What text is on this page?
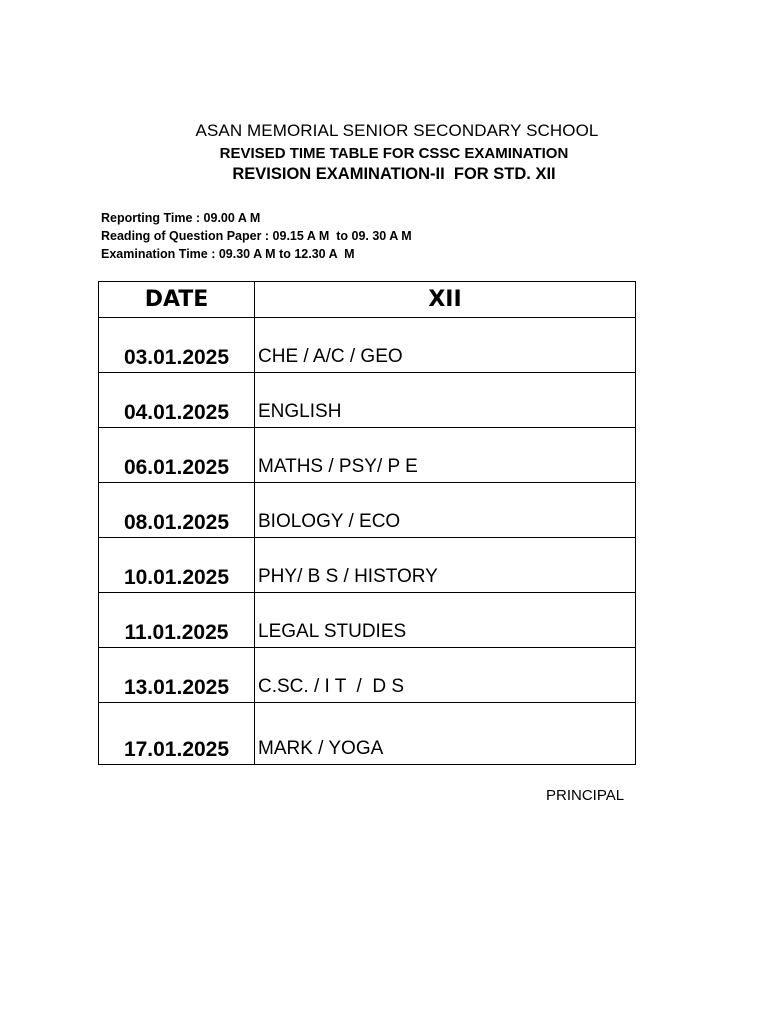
ASAN MEMORIAL SENIOR SECONDARY SCHOOL
REVISED TIME TABLE FOR CSSC EXAMINATION
REVISION EXAMINATION-II  FOR STD. XII
Reporting Time : 09.00 A M
Reading of Question Paper : 09.15 A M  to 09. 30 A M
Examination Time : 09.30 A M to 12.30 A  M
DATE	XII
03.01.2025	CHE / A/C / GEO
04.01.2025	ENGLISH
06.01.2025	MATHS / PSY/ P E
08.01.2025	BIOLOGY / ECO
10.01.2025	PHY/ B S / HISTORY
11.01.2025	LEGAL STUDIES
13.01.2025	C.SC. / I T  /  D S
17.01.2025	MARK / YOGA
PRINCIPAL
